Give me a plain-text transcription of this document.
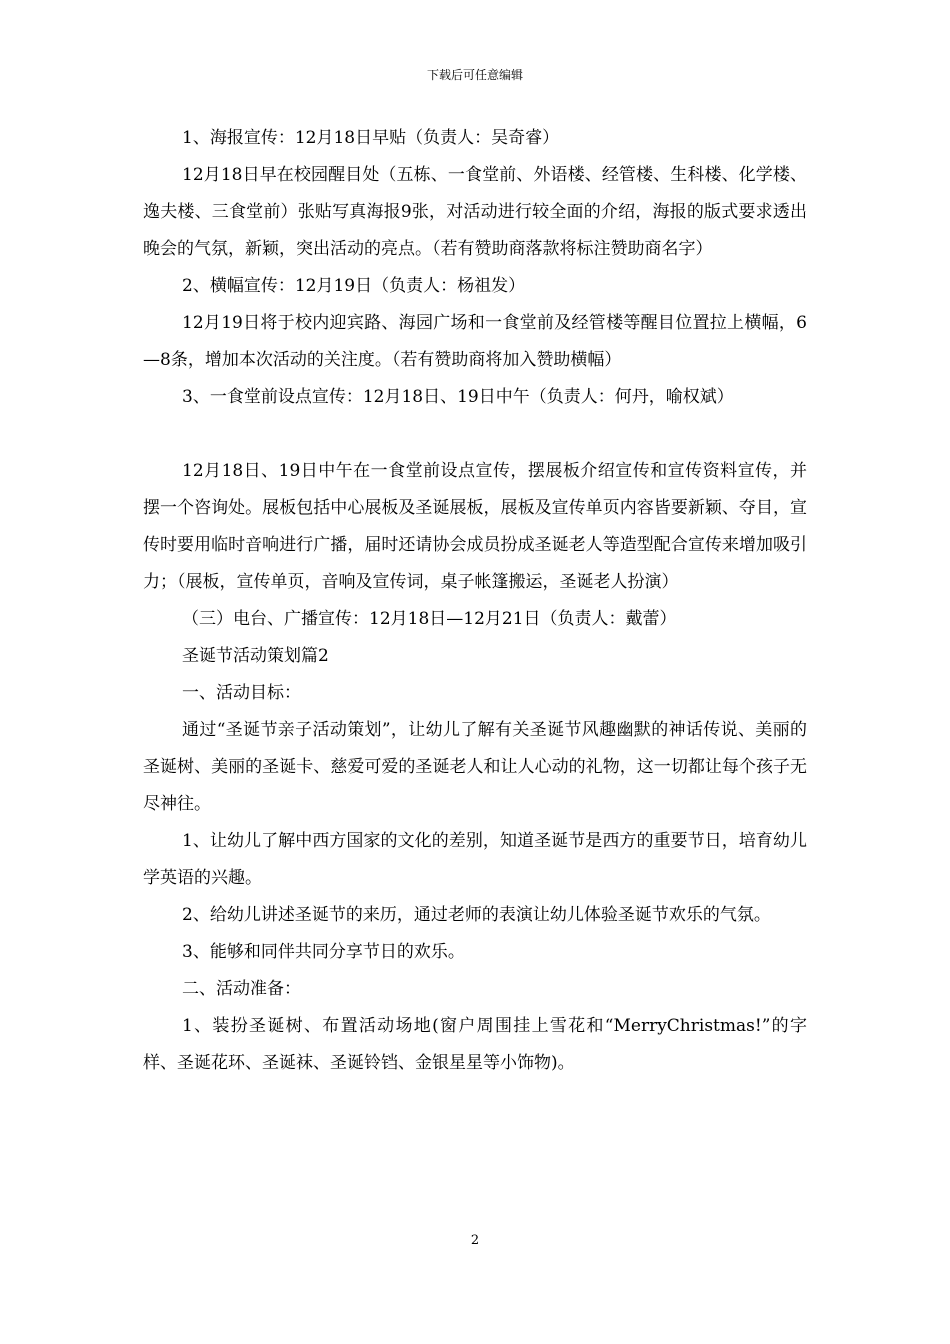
下载后可任意编辑

1、海报宣传：12月18日早贴（负责人：吴奇睿）

12月18日早在校园醒目处（五栋、一食堂前、外语楼、经管楼、生科楼、化学楼、逸夫楼、三食堂前）张贴写真海报9张，对活动进行较全面的介绍，海报的版式要求透出晚会的气氛，新颖，突出活动的亮点。（若有赞助商落款将标注赞助商名字）

2、横幅宣传：12月19日（负责人：杨祖发）

12月19日将于校内迎宾路、海园广场和一食堂前及经管楼等醒目位置拉上横幅，6—8条，增加本次活动的关注度。（若有赞助商将加入赞助横幅）

3、一食堂前设点宣传：12月18日、19日中午（负责人：何丹，喻权斌）

12月18日、19日中午在一食堂前设点宣传，摆展板介绍宣传和宣传资料宣传，并摆一个咨询处。展板包括中心展板及圣诞展板，展板及宣传单页内容皆要新颖、夺目，宣传时要用临时音响进行广播，届时还请协会成员扮成圣诞老人等造型配合宣传来增加吸引力；（展板，宣传单页，音响及宣传词，桌子帐篷搬运，圣诞老人扮演）

（三）电台、广播宣传：12月18日—12月21日（负责人：戴蕾）

圣诞节活动策划篇2

一、活动目标：

通过“圣诞节亲子活动策划”，让幼儿了解有关圣诞节风趣幽默的神话传说、美丽的圣诞树、美丽的圣诞卡、慈爱可爱的圣诞老人和让人心动的礼物，这一切都让每个孩子无尽神往。

1、让幼儿了解中西方国家的文化的差别，知道圣诞节是西方的重要节日，培育幼儿学英语的兴趣。

2、给幼儿讲述圣诞节的来历，通过老师的表演让幼儿体验圣诞节欢乐的气氛。

3、能够和同伴共同分享节日的欢乐。

二、活动准备：

1、装扮圣诞树、布置活动场地(窗户周围挂上雪花和“MerryChristmas!”的字样、圣诞花环、圣诞袜、圣诞铃铛、金银星星等小饰物)。

2
